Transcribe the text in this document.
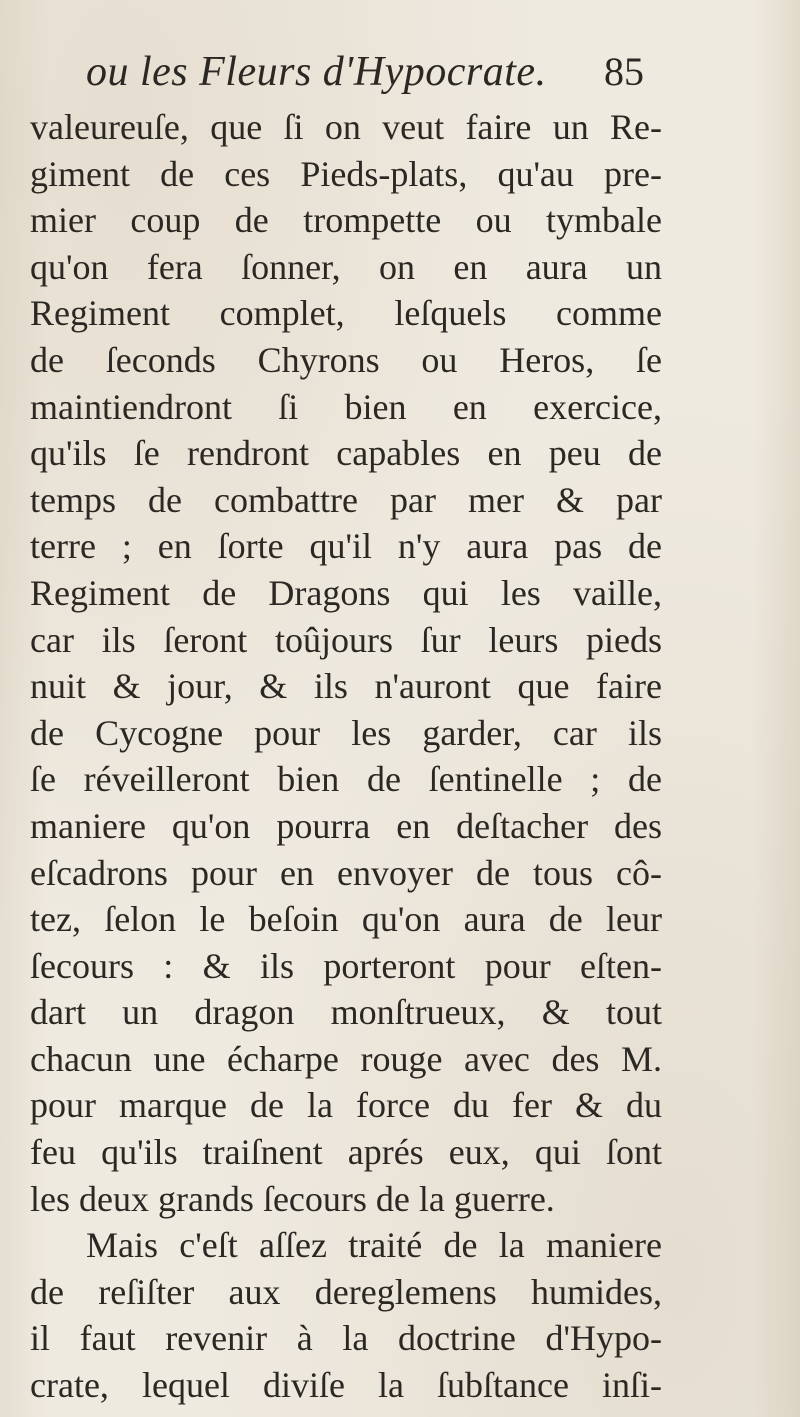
ou les Fleurs d'Hypocrate.	85
valeureuſe, que ſi on veut faire un Re-
giment de ces Pieds-plats, qu'au pre-
mier coup de trompette ou tymbale
qu'on fera ſonner, on en aura un
Regiment complet, leſquels comme
de ſeconds Chyrons ou Heros, ſe
maintiendront ſi bien en exercice,
qu'ils ſe rendront capables en peu de
temps de combattre par mer & par
terre ; en ſorte qu'il n'y aura pas de
Regiment de Dragons qui les vaille,
car ils ſeront toûjours ſur leurs pieds
nuit & jour, & ils n'auront que faire
de Cycogne pour les garder, car ils
ſe réveilleront bien de ſentinelle ; de
maniere qu'on pourra en deſtacher des
eſcadrons pour en envoyer de tous cô-
tez, ſelon le beſoin qu'on aura de leur
ſecours : & ils porteront pour eſten-
dart un dragon monſtrueux, & tout
chacun une écharpe rouge avec des M.
pour marque de la force du fer & du
feu qu'ils traiſnent aprés eux, qui ſont
les deux grands ſecours de la guerre.
Mais c'eſt aſſez traité de la maniere
de reſiſter aux dereglemens humides,
il faut revenir à la doctrine d'Hypo-
crate, lequel diviſe la ſubſtance inſi-
